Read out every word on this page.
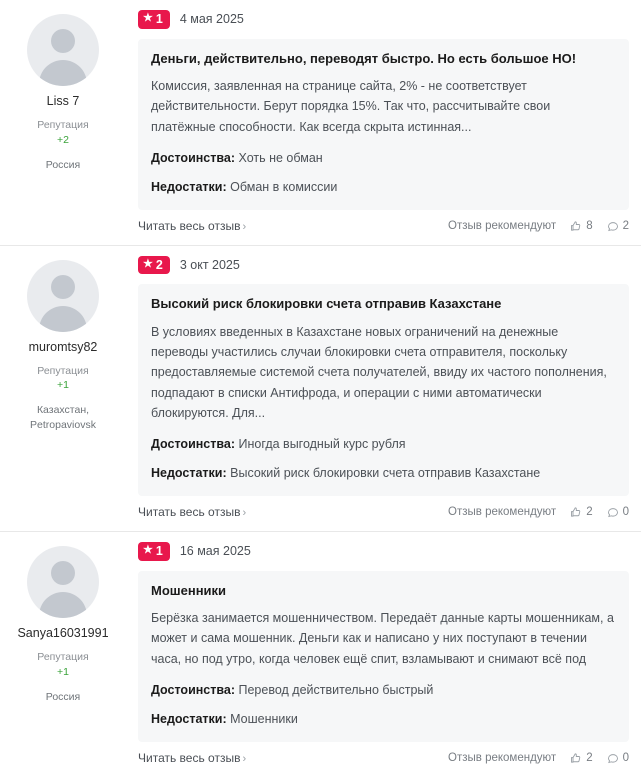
Liss 7
Репутация
+2
Россия
★ 1 4 мая 2025
Деньги, действительно, переводят быстро. Но есть большое НО!
Комиссия, заявленная на странице сайта, 2% - не соответствует действительности. Берут порядка 15%. Так что, рассчитывайте свои платёжные способности. Как всегда скрыта истинная...
Достоинства: Хоть не обман
Недостатки: Обман в комиссии
Читать весь отзыв ›	Отзыв рекомендуют	8	2
muromtsy82
Репутация
+1
Казахстан, Petropaviovsk
★ 2 3 окт 2025
Высокий риск блокировки счета отправив Казахстане
В условиях введенных в Казахстане новых ограничений на денежные переводы участились случаи блокировки счета отправителя, поскольку предоставляемые системой счета получателей, ввиду их частого пополнения, подпадают в списки Антифрода, и операции с ними автоматически блокируются. Для...
Достоинства: Иногда выгодный курс рубля
Недостатки: Высокий риск блокировки счета отправив Казахстане
Читать весь отзыв ›	Отзыв рекомендуют	2	0
Sanya16031991
Репутация
+1
Россия
★ 1 16 мая 2025
Мошенники
Берёзка занимается мошенничеством. Передаёт данные карты мошенникам, а может и сама мошенник. Деньги как и написано у них поступают в течении часа, но под утро, когда человек ещё спит, взламывают и снимают всё под
Достоинства: Перевод действительно быстрый
Недостатки: Мошенники
Читать весь отзыв ›	Отзыв рекомендуют	2	0
